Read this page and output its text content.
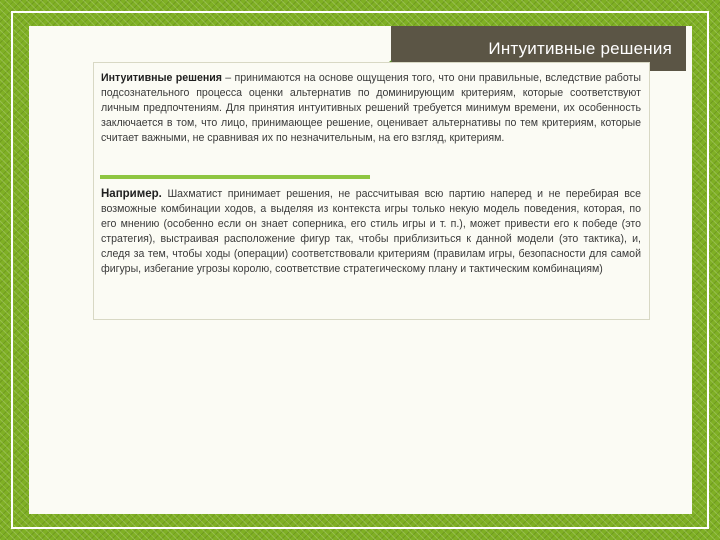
Интуитивные решения

Интуитивные решения – принимаются на основе ощущения того, что они правильные, вследствие работы подсознательного процесса оценки альтернатив по доминирующим критериям, которые соответствуют личным предпочтениям. Для принятия интуитивных решений требуется минимум времени, их особенность заключается в том, что лицо, принимающее решение, оценивает альтернативы по тем критериям, которые считает важными, не сравнивая их по незначительным, на его взгляд, критериям.

Например. Шахматист принимает решения, не рассчитывая всю партию наперед и не перебирая все возможные комбинации ходов, а выделяя из контекста игры только некую модель поведения, которая, по его мнению (особенно если он знает соперника, его стиль игры и т. п.), может привести его к победе (это стратегия), выстраивая расположение фигур так, чтобы приблизиться к данной модели (это тактика), и, следя за тем, чтобы ходы (операции) соответствовали критериям (правилам игры, безопасности для самой фигуры, избегание угрозы королю, соответствие стратегическому плану и тактическим комбинациям)
